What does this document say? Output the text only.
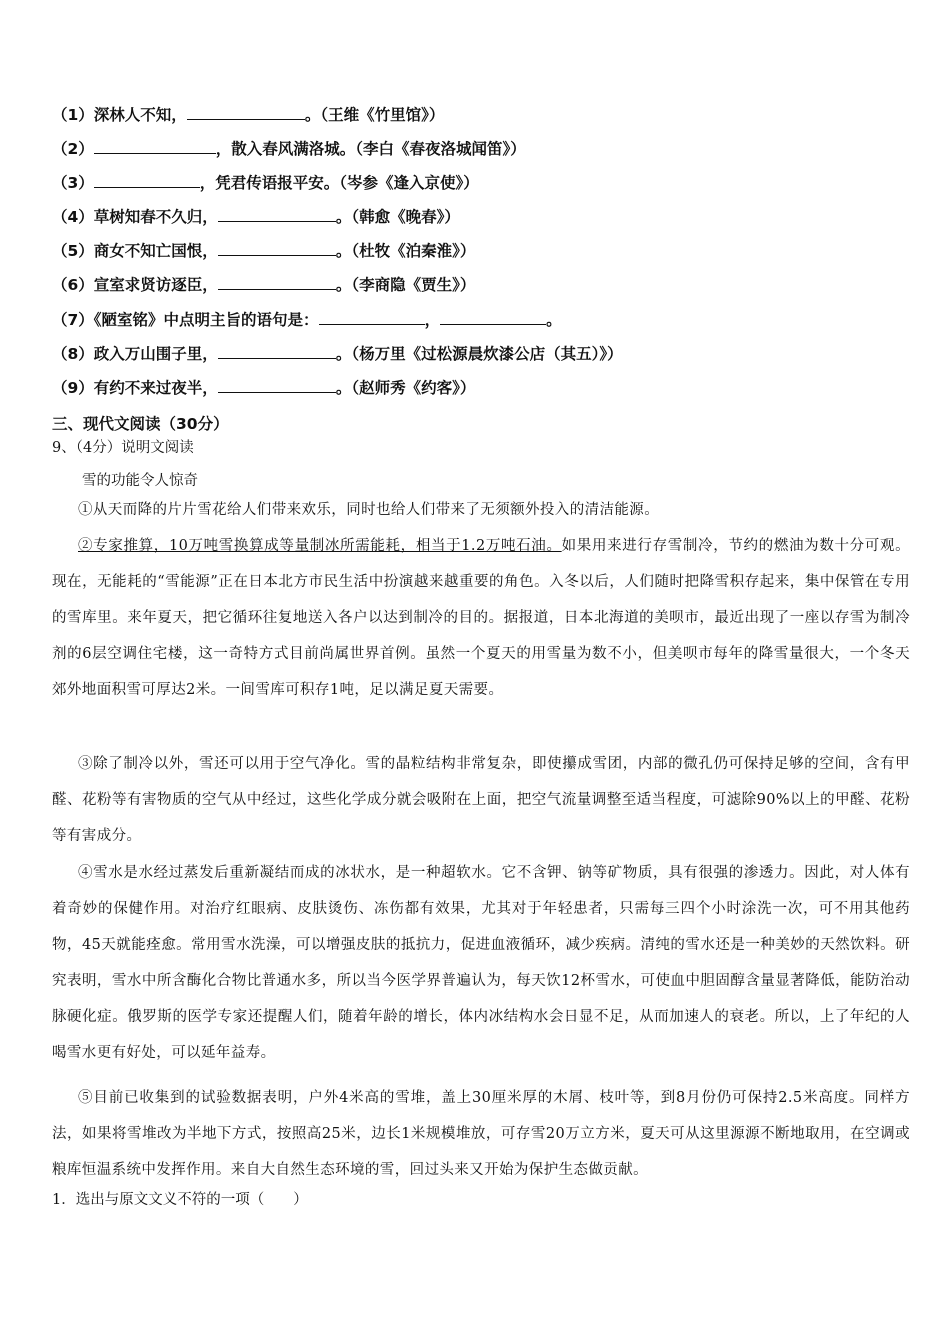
（1）深林人不知，	。（王维《竹里馆》）
（2）	，散入春风满洛城。（李白《春夜洛城闻笛》）
（3）	，凭君传语报平安。（岑参《逢入京使》）
（4）草树知春不久归，	。（韩愈《晚春》）
（5）商女不知亡国恨，	。（杜牧《泊秦淮》）
（6）宣室求贤访逐臣，	。（李商隐《贾生》）
（7）《陋室铭》中点明主旨的语句是：	，	。
（8）政入万山围子里，	。（杨万里《过松源晨炊漆公店（其五）》）
（9）有约不来过夜半，	。（赵师秀《约客》）
三、现代文阅读（30分）
9、（4分）说明文阅读
雪的功能令人惊奇

①从天而降的片片雪花给人们带来欢乐，同时也给人们带来了无须额外投入的清洁能源。

②专家推算，10万吨雪换算成等量制冰所需能耗，相当于1.2万吨石油。如果用来进行存雪制冷，节约的燃油为数十分可观。现在，无能耗的“雪能源”正在日本北方市民生活中扮演越来越重要的角色。入冬以后，人们随时把降雪积存起来，集中保管在专用的雪库里。来年夏天，把它循环往复地送入各户以达到制冷的目的。据报道，日本北海道的美呗市，最近出现了一座以存雪为制冷剂的6层空调住宅楼，这一奇特方式目前尚属世界首例。虽然一个夏天的用雪量为数不小，但美呗市每年的降雪量很大，一个冬天郊外地面积雪可厚达2米。一间雪库可积存1吨，足以满足夏天需要。

③除了制冷以外，雪还可以用于空气净化。雪的晶粒结构非常复杂，即使攥成雪团，内部的微孔仍可保持足够的空间，含有甲醛、花粉等有害物质的空气从中经过，这些化学成分就会吸附在上面，把空气流量调整至适当程度，可滤除90%以上的甲醛、花粉等有害成分。

④雪水是水经过蒸发后重新凝结而成的冰状水，是一种超软水。它不含钾、钠等矿物质，具有很强的渗透力。因此，对人体有着奇妙的保健作用。对治疗红眼病、皮肤烫伤、冻伤都有效果，尤其对于年轻患者，只需每三四个小时涂洗一次，可不用其他药物，45天就能痊愈。常用雪水洗澡，可以增强皮肤的抵抗力，促进血液循环，减少疾病。清纯的雪水还是一种美妙的天然饮料。研究表明，雪水中所含酶化合物比普通水多，所以当今医学界普遍认为，每天饮12杯雪水，可使血中胆固醇含量显著降低，能防治动脉硬化症。俄罗斯的医学专家还提醒人们，随着年龄的增长，体内冰结构水会日显不足，从而加速人的衰老。所以，上了年纪的人喝雪水更有好处，可以延年益寿。

⑤目前已收集到的试验数据表明，户外4米高的雪堆，盖上30厘米厚的木屑、枝叶等，到8月份仍可保持2.5米高度。同样方法，如果将雪堆改为半地下方式，按照高25米，边长1米规模堆放，可存雪20万立方米，夏天可从这里源源不断地取用，在空调或粮库恒温系统中发挥作用。来自大自然生态环境的雪，回过头来又开始为保护生态做贡献。

1．选出与原文文义不符的一项（　　）
